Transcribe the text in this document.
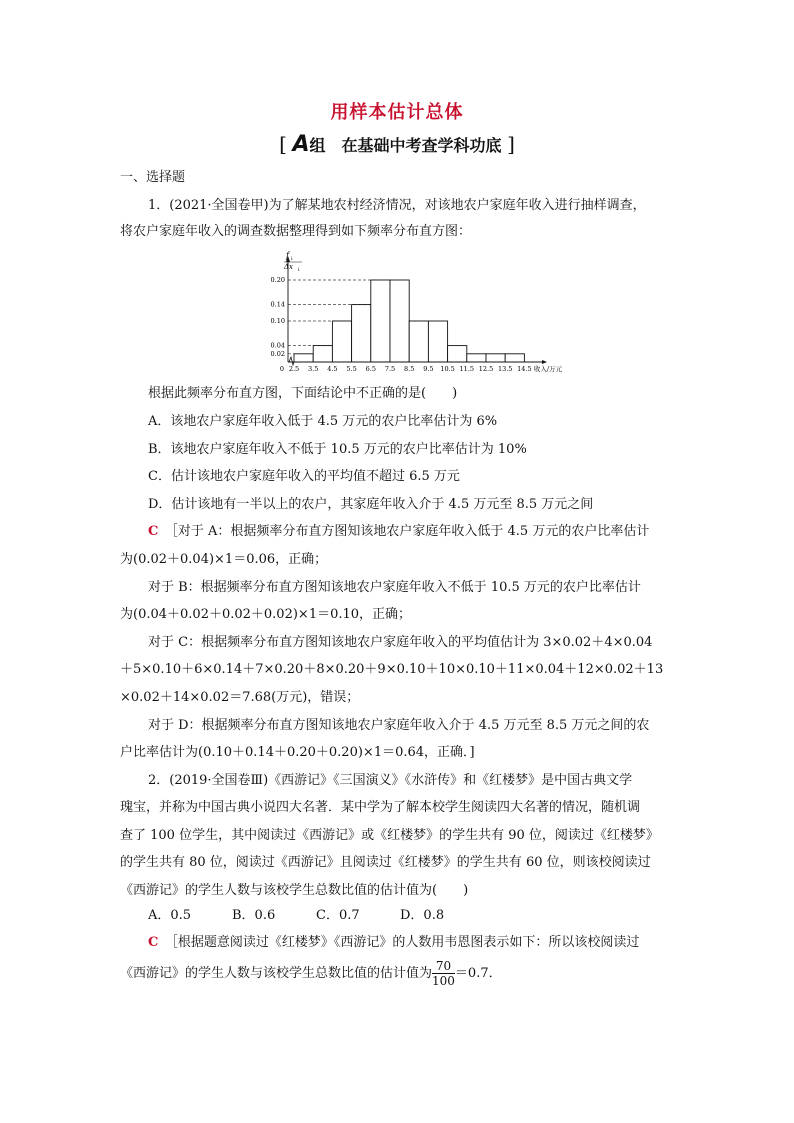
用样本估计总体
[ A组　在基础中考查学科功底 ]
一、选择题
1．(2021·全国卷甲)为了解某地农村经济情况，对该地农户家庭年收入进行抽样调查，
将农户家庭年收入的调查数据整理得到如下频率分布直方图：
0.02
0.04
0.10
0.14
0.20
2.5 3.5 4.5 5.5 6.5 7.5 8.5 9.5 10.5 11.5 12.5 13.5 14.5
0	收入/万元
f i
Δx i
根据此频率分布直方图，下面结论中不正确的是(　　)
A．该地农户家庭年收入低于 4.5 万元的农户比率估计为 6%
B．该地农户家庭年收入不低于 10.5 万元的农户比率估计为 10%
C．估计该地农户家庭年收入的平均值不超过 6.5 万元
D．估计该地有一半以上的农户，其家庭年收入介于 4.5 万元至 8.5 万元之间
C　 ［对于 A：根据频率分布直方图知该地农户家庭年收入低于 4.5 万元的农户比率估计
为(0.02＋0.04)×1＝0.06，正确；
对于 B：根据频率分布直方图知该地农户家庭年收入不低于 10.5 万元的农户比率估计
为(0.04＋0.02＋0.02＋0.02)×1＝0.10，正确；
对于 C：根据频率分布直方图知该地农户家庭年收入的平均值估计为 3×0.02＋4×0.04
＋5×0.10＋6×0.14＋7×0.20＋8×0.20＋9×0.10＋10×0.10＋11×0.04＋12×0.02＋13
×0.02＋14×0.02＝7.68(万元)，错误；
对于 D：根据频率分布直方图知该地农户家庭年收入介于 4.5 万元至 8.5 万元之间的农
户比率估计为(0.10＋0.14＋0.20＋0.20)×1＝0.64，正确．]
2．(2019·全国卷Ⅲ)《西游记》《三国演义》《水浒传》和《红楼梦》是中国古典文学
瑰宝，并称为中国古典小说四大名著．某中学为了解本校学生阅读四大名著的情况，随机调
查了 100 位学生，其中阅读过《西游记》或《红楼梦》的学生共有 90 位，阅读过《红楼梦》
的学生共有 80 位，阅读过《西游记》且阅读过《红楼梦》的学生共有 60 位，则该校阅读过
《西游记》的学生人数与该校学生总数比值的估计值为(　　)
A．0.5	B．0.6	C．0.7	D．0.8
C　 ［根据题意阅读过《红楼梦》《西游记》的人数用韦恩图表示如下：所以该校阅读过
《西游记》的学生人数与该校学生总数比值的估计值为 $\frac{70}{100} =0.7$．
